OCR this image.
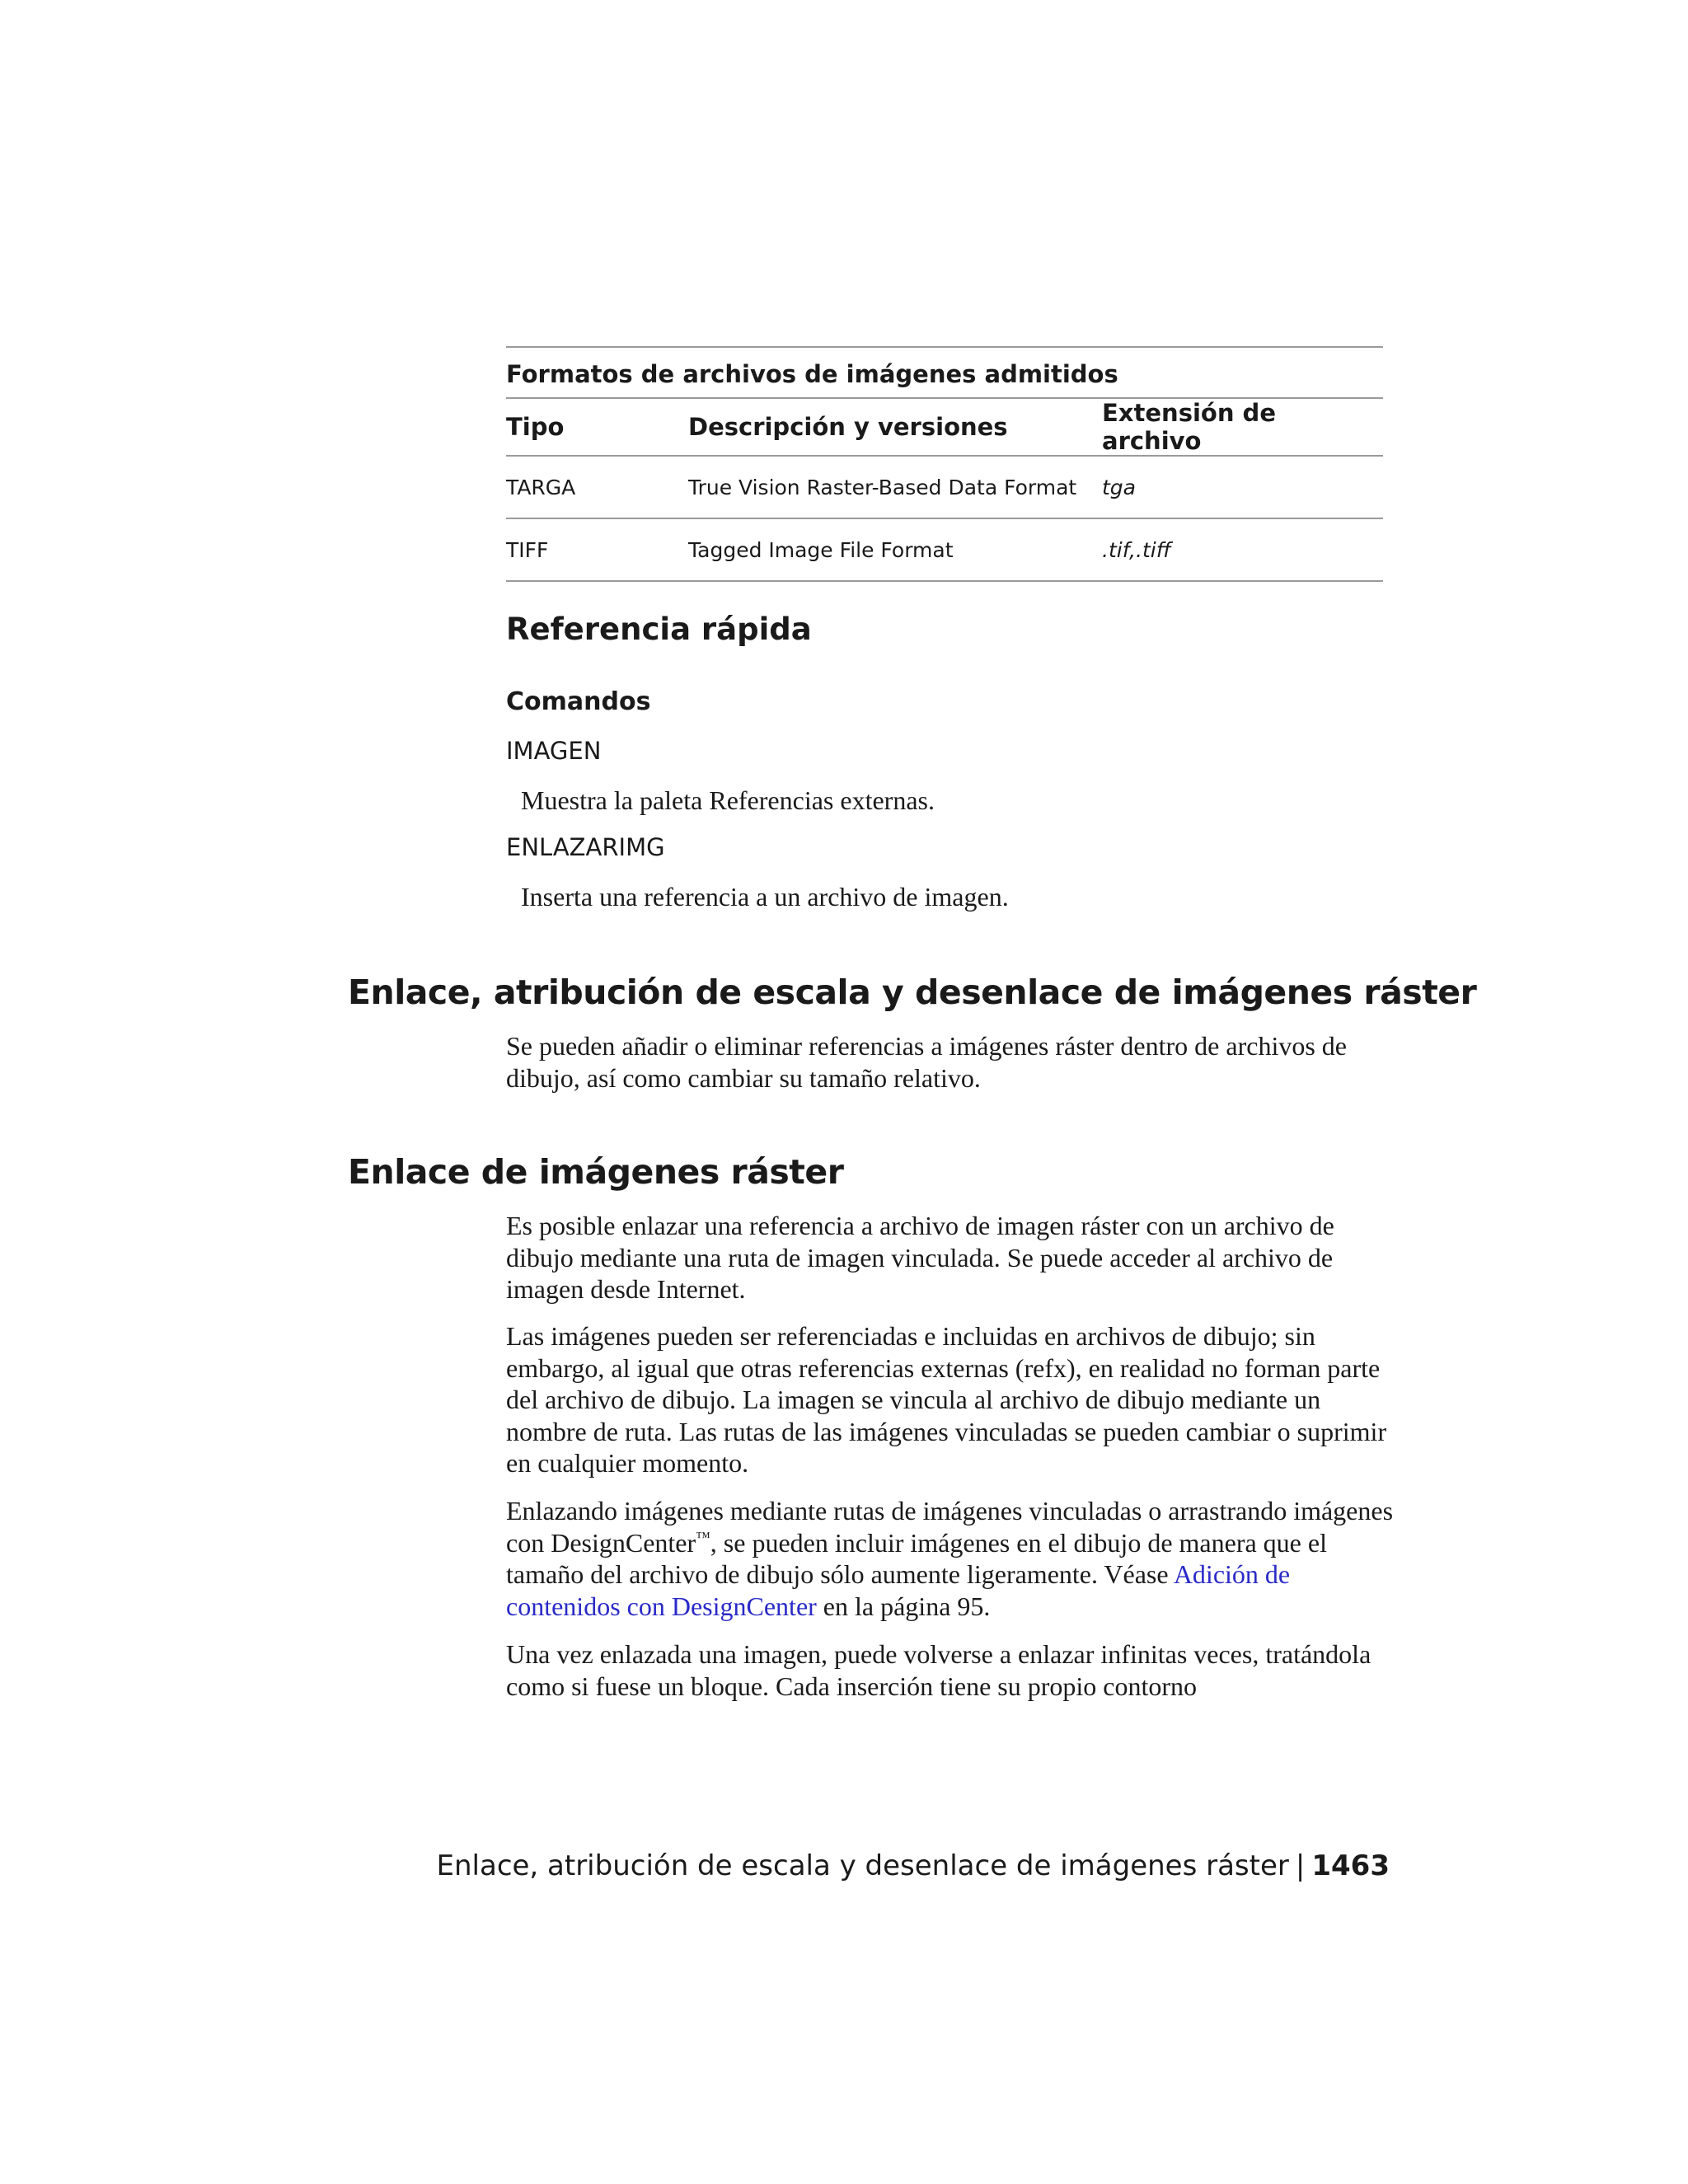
Formatos de archivos de imágenes admitidos		
Tipo	Descripción y versiones	Extensión de archivo
TARGA	True Vision Raster-Based Data Format	tga
TIFF	Tagged Image File Format	.tif,.tiff
Referencia rápida
Comandos

IMAGEN

Muestra la paleta Referencias externas.

ENLAZARIMG

Inserta una referencia a un archivo de imagen.

Enlace, atribución de escala y desenlace de imágenes ráster

Se pueden añadir o eliminar referencias a imágenes ráster dentro de archivos de dibujo, así como cambiar su tamaño relativo.

Enlace de imágenes ráster

Es posible enlazar una referencia a archivo de imagen ráster con un archivo de dibujo mediante una ruta de imagen vinculada. Se puede acceder al archivo de imagen desde Internet.

Las imágenes pueden ser referenciadas e incluidas en archivos de dibujo; sin embargo, al igual que otras referencias externas (refx), en realidad no forman parte del archivo de dibujo. La imagen se vincula al archivo de dibujo mediante un nombre de ruta. Las rutas de las imágenes vinculadas se pueden cambiar o suprimir en cualquier momento.

Enlazando imágenes mediante rutas de imágenes vinculadas o arrastrando imágenes con DesignCenter™, se pueden incluir imágenes en el dibujo de manera que el tamaño del archivo de dibujo sólo aumente ligeramente. Véase Adición de contenidos con DesignCenter en la página 95.

Una vez enlazada una imagen, puede volverse a enlazar infinitas veces, tratándola como si fuese un bloque. Cada inserción tiene su propio contorno

Enlace, atribución de escala y desenlace de imágenes ráster | 1463
